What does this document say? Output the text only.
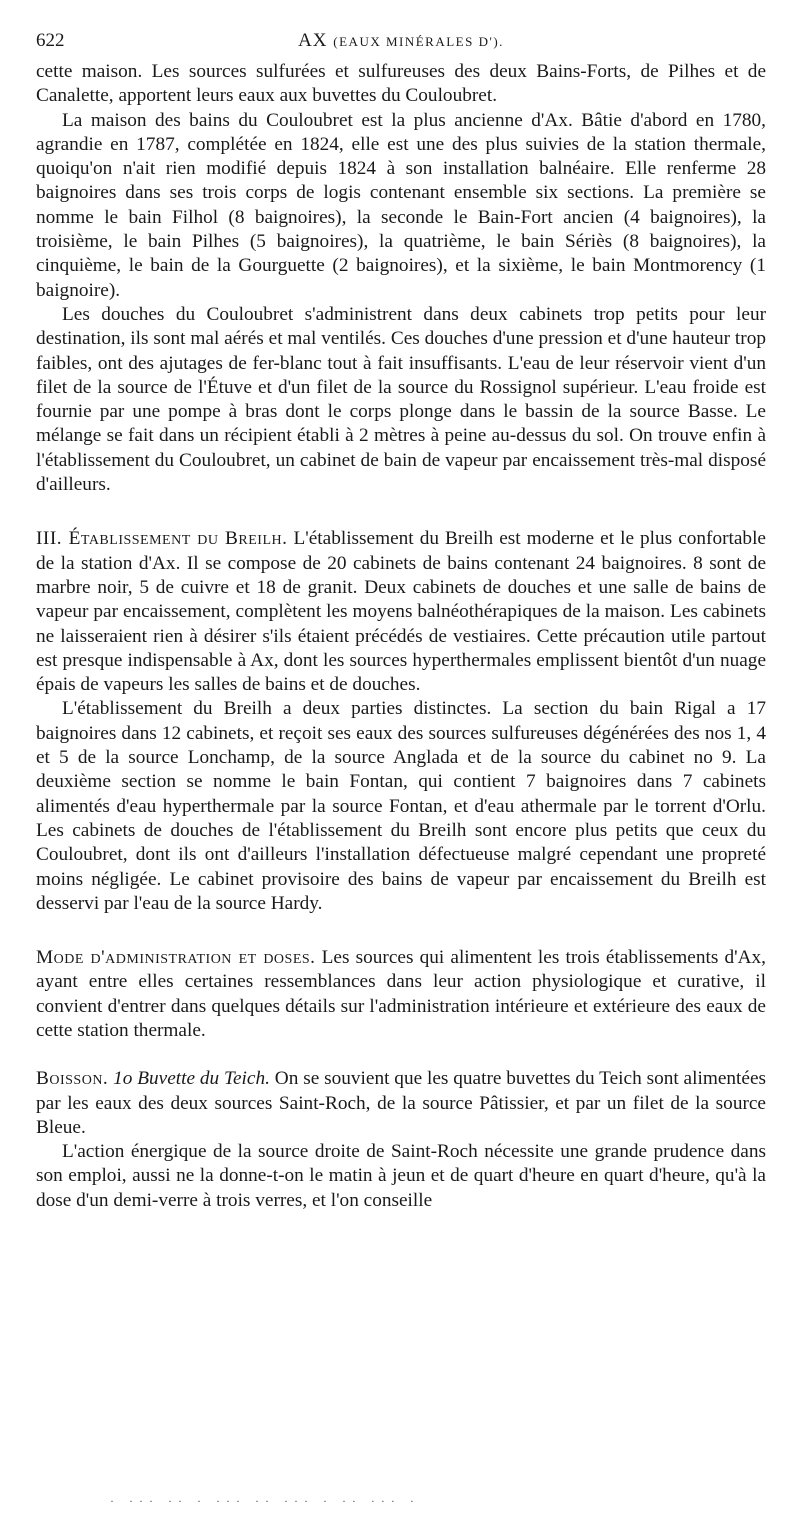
622	AX (EAUX MINÉRALES D').

cette maison. Les sources sulfurées et sulfureuses des deux Bains-Forts, de Pilhes et de Canalette, apportent leurs eaux aux buvettes du Couloubret.

La maison des bains du Couloubret est la plus ancienne d'Ax. Bâtie d'abord en 1780, agrandie en 1787, complétée en 1824, elle est une des plus suivies de la station thermale, quoiqu'on n'ait rien modifié depuis 1824 à son installation balnéaire. Elle renferme 28 baignoires dans ses trois corps de logis contenant ensemble six sections. La première se nomme le bain Filhol (8 baignoires), la seconde le Bain-Fort ancien (4 baignoires), la troisième, le bain Pilhes (5 baignoires), la quatrième, le bain Sériès (8 baignoires), la cinquième, le bain de la Gourguette (2 baignoires), et la sixième, le bain Montmorency (1 baignoire).

Les douches du Couloubret s'administrent dans deux cabinets trop petits pour leur destination, ils sont mal aérés et mal ventilés. Ces douches d'une pression et d'une hauteur trop faibles, ont des ajutages de fer-blanc tout à fait insuffisants. L'eau de leur réservoir vient d'un filet de la source de l'Étuve et d'un filet de la source du Rossignol supérieur. L'eau froide est fournie par une pompe à bras dont le corps plonge dans le bassin de la source Basse. Le mélange se fait dans un récipient établi à 2 mètres à peine au-dessus du sol. On trouve enfin à l'établissement du Couloubret, un cabinet de bain de vapeur par encaissement très-mal disposé d'ailleurs.

III. Établissement du Breilh. L'établissement du Breilh est moderne et le plus confortable de la station d'Ax. Il se compose de 20 cabinets de bains contenant 24 baignoires. 8 sont de marbre noir, 5 de cuivre et 18 de granit. Deux cabinets de douches et une salle de bains de vapeur par encaissement, complètent les moyens balnéothérapiques de la maison. Les cabinets ne laisseraient rien à désirer s'ils étaient précédés de vestiaires. Cette précaution utile partout est presque indispensable à Ax, dont les sources hyperthermales emplissent bientôt d'un nuage épais de vapeurs les salles de bains et de douches.

L'établissement du Breilh a deux parties distinctes. La section du bain Rigal a 17 baignoires dans 12 cabinets, et reçoit ses eaux des sources sulfureuses dégénérées des nos 1, 4 et 5 de la source Lonchamp, de la source Anglada et de la source du cabinet no 9. La deuxième section se nomme le bain Fontan, qui contient 7 baignoires dans 7 cabinets alimentés d'eau hyperthermale par la source Fontan, et d'eau athermale par le torrent d'Orlu. Les cabinets de douches de l'établissement du Breilh sont encore plus petits que ceux du Couloubret, dont ils ont d'ailleurs l'installation défectueuse malgré cependant une propreté moins négligée. Le cabinet provisoire des bains de vapeur par encaissement du Breilh est desservi par l'eau de la source Hardy.

Mode d'administration et doses. Les sources qui alimentent les trois établissements d'Ax, ayant entre elles certaines ressemblances dans leur action physiologique et curative, il convient d'entrer dans quelques détails sur l'administration intérieure et extérieure des eaux de cette station thermale.

Boisson. 1o Buvette du Teich. On se souvient que les quatre buvettes du Teich sont alimentées par les eaux des deux sources Saint-Roch, de la source Pâtissier, et par un filet de la source Bleue.

L'action énergique de la source droite de Saint-Roch nécessite une grande prudence dans son emploi, aussi ne la donne-t-on le matin à jeun et de quart d'heure en quart d'heure, qu'à la dose d'un demi-verre à trois verres, et l'on conseille

· ··· ·· · ··· ·· ··· · ·· ··· ·
